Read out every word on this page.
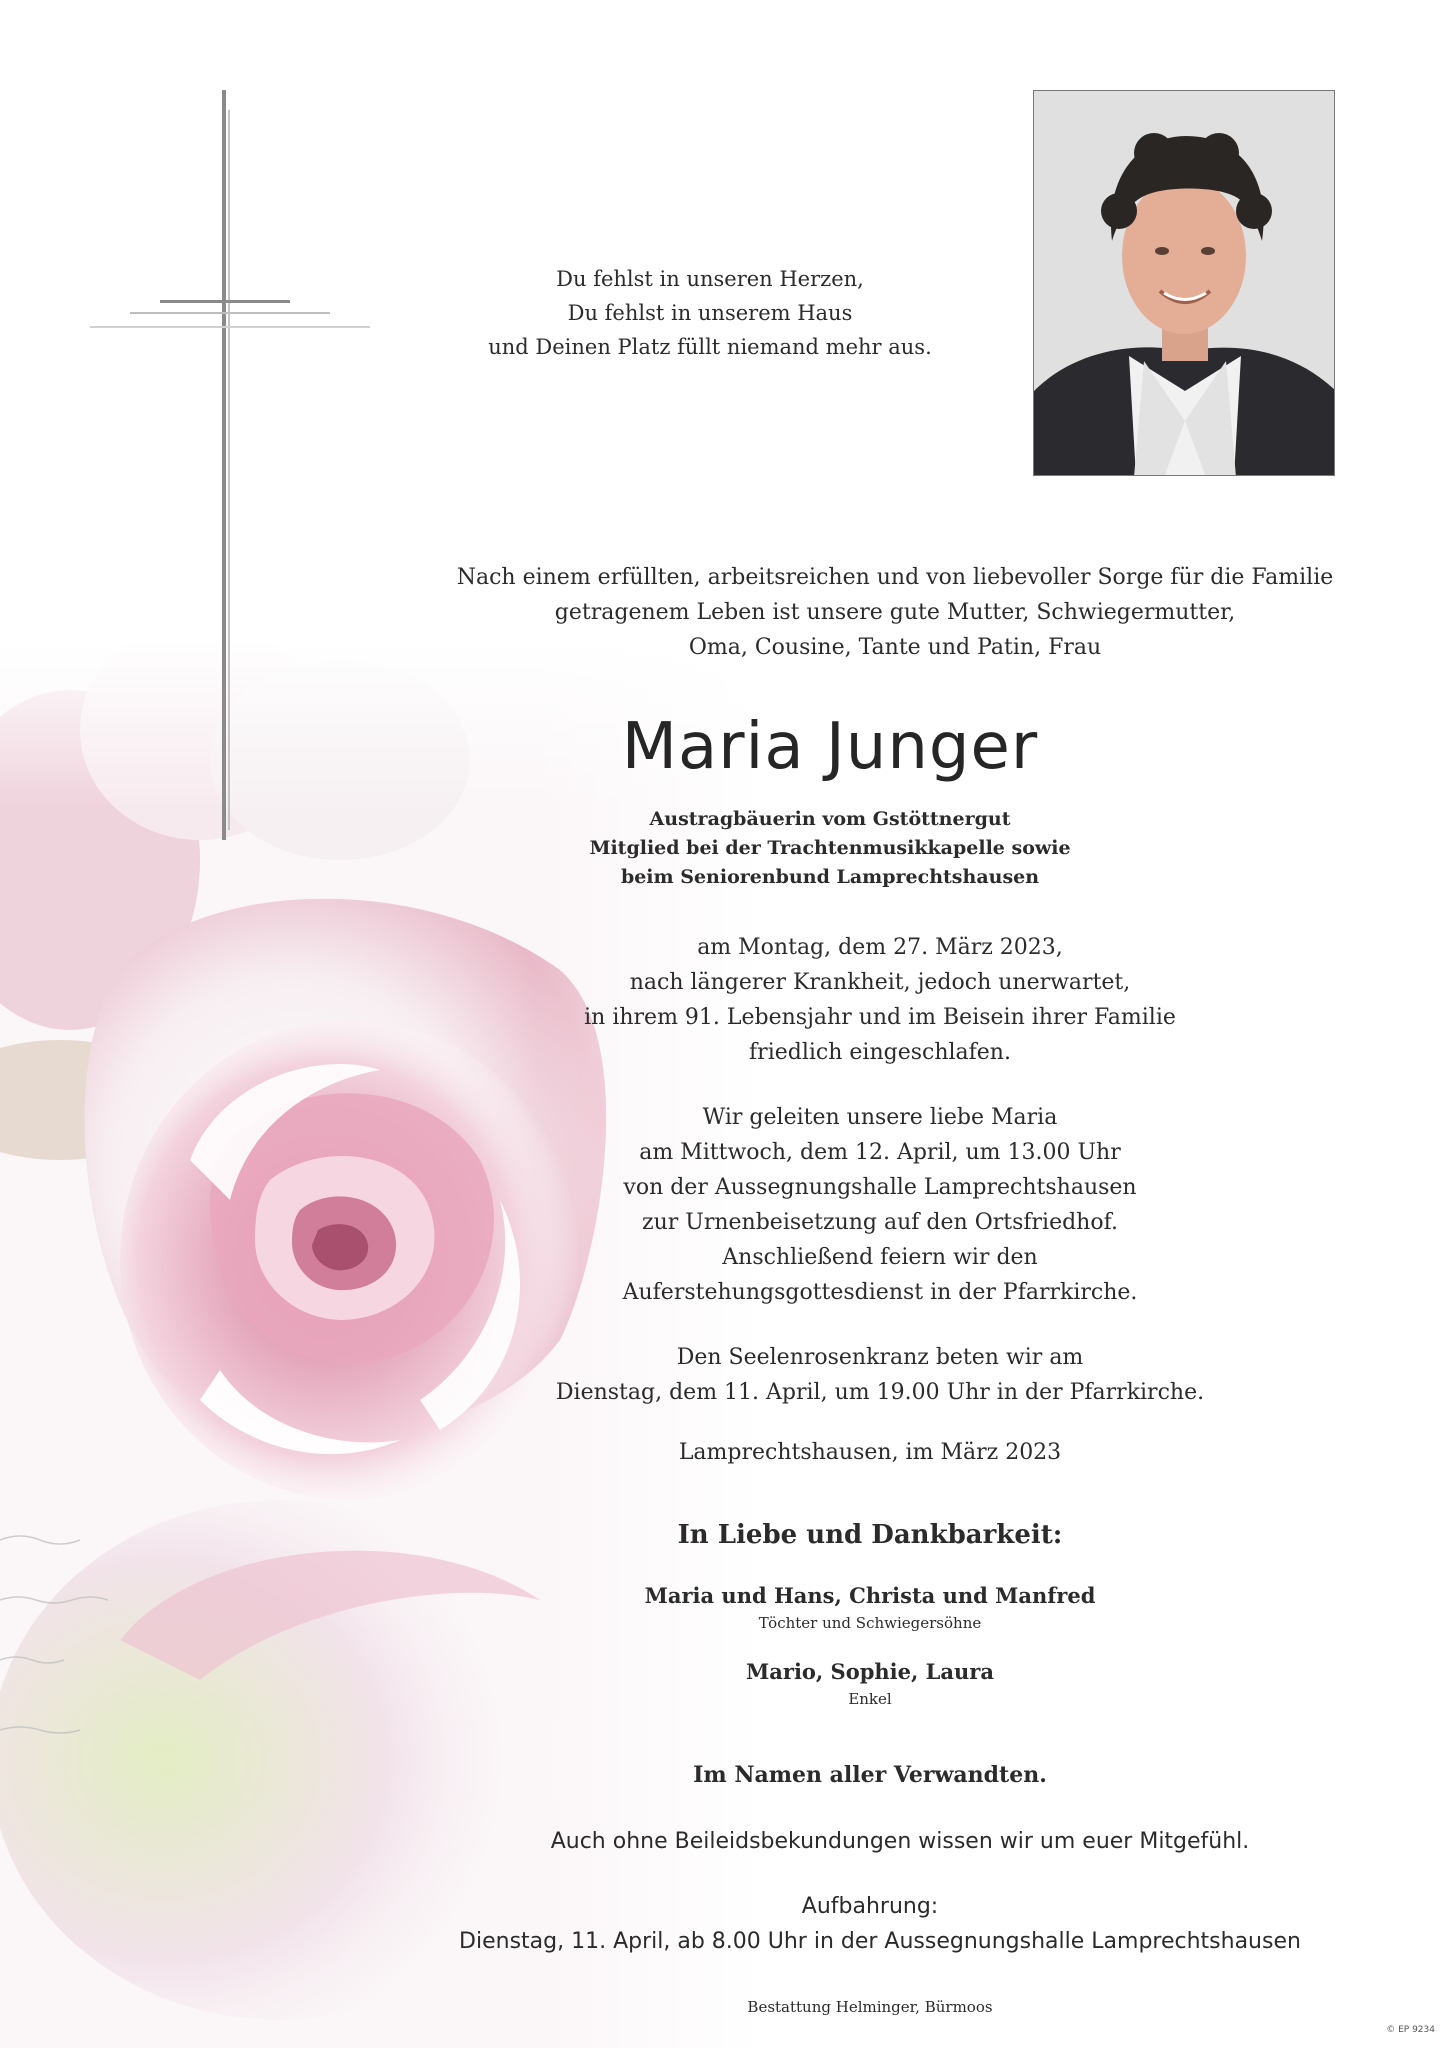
Du fehlst in unseren Herzen,
Du fehlst in unserem Haus
und Deinen Platz füllt niemand mehr aus.
Nach einem erfüllten, arbeitsreichen und von liebevoller Sorge für die Familie
getragenem Leben ist unsere gute Mutter, Schwiegermutter,
Oma, Cousine, Tante und Patin, Frau
Maria Junger
Austragbäuerin vom Gstöttnergut
Mitglied bei der Trachtenmusikkapelle sowie
beim Seniorenbund Lamprechtshausen
am Montag, dem 27. März 2023,
nach längerer Krankheit, jedoch unerwartet,
in ihrem 91. Lebensjahr und im Beisein ihrer Familie
friedlich eingeschlafen.
Wir geleiten unsere liebe Maria
am Mittwoch, dem 12. April, um 13.00 Uhr
von der Aussegnungshalle Lamprechtshausen
zur Urnenbeisetzung auf den Ortsfriedhof.
Anschließend feiern wir den
Auferstehungsgottesdienst in der Pfarrkirche.
Den Seelenrosenkranz beten wir am
Dienstag, dem 11. April, um 19.00 Uhr in der Pfarrkirche.
Lamprechtshausen, im März 2023
In Liebe und Dankbarkeit:
Maria und Hans, Christa und Manfred
Töchter und Schwiegersöhne
Mario, Sophie, Laura
Enkel
Im Namen aller Verwandten.
Auch ohne Beileidsbekundungen wissen wir um euer Mitgefühl.
Aufbahrung:
Dienstag, 11. April, ab 8.00 Uhr in der Aussegnungshalle Lamprechtshausen
Bestattung Helminger, Bürmoos
© EP 9234
